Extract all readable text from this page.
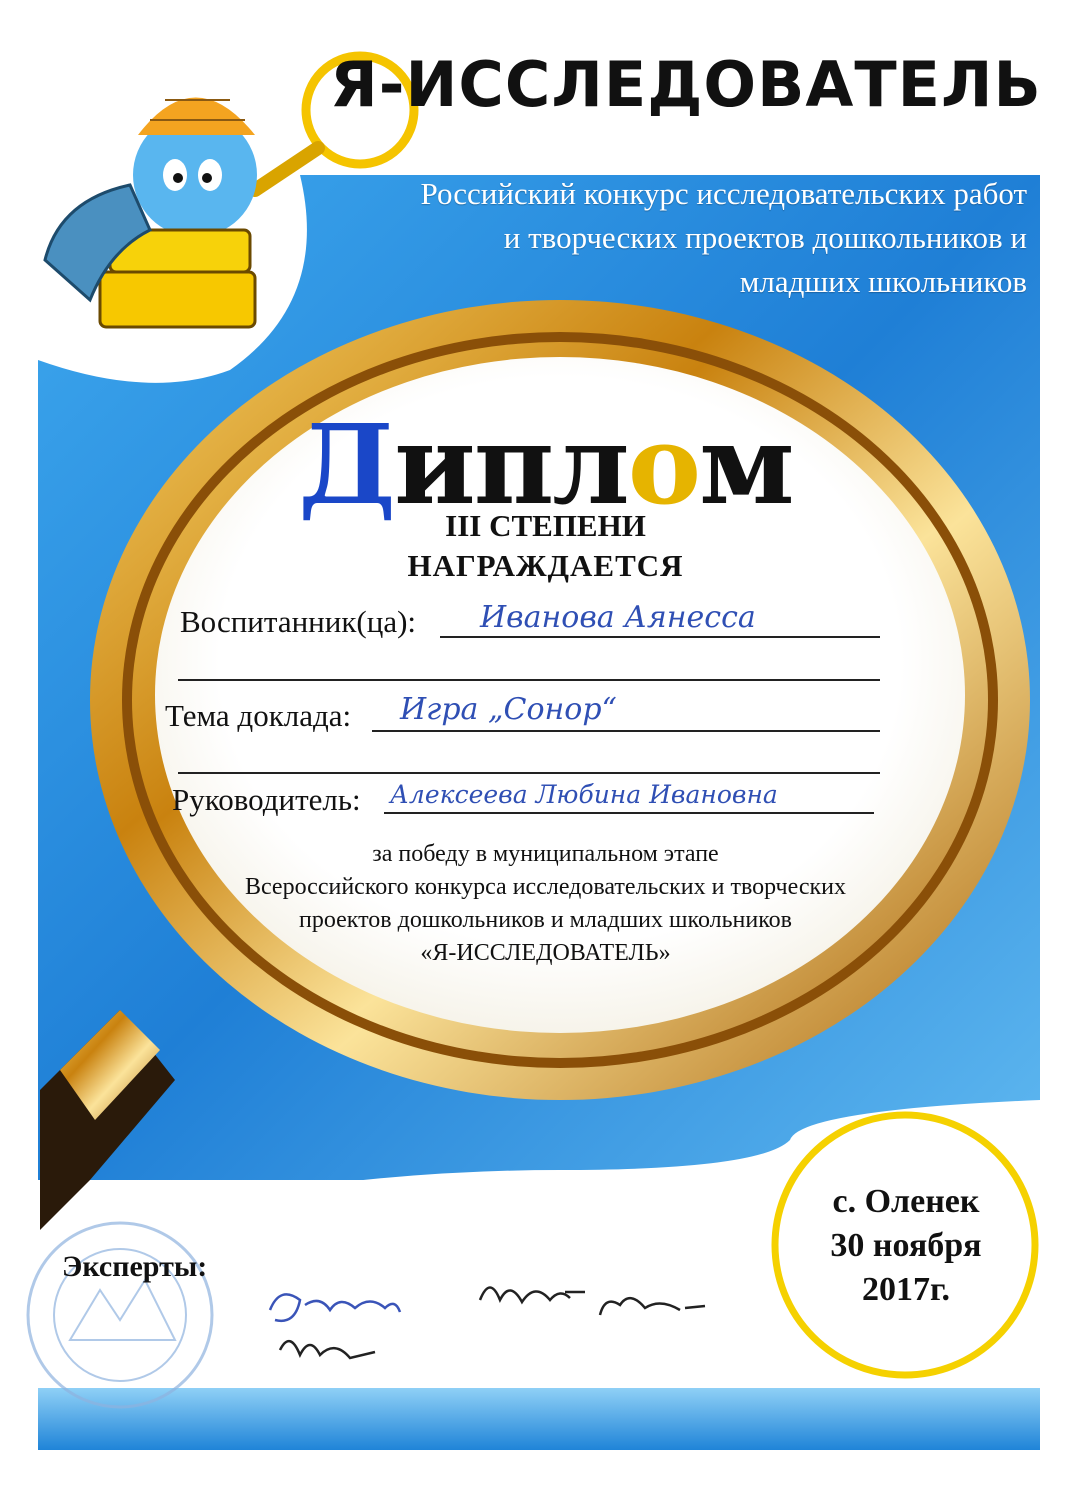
Я-ИССЛЕДОВАТЕЛЬ
Российский конкурс исследовательских работ
и творческих проектов дошкольников и
младших школьников
Диплом
III СТЕПЕНИ
НАГРАЖДАЕТСЯ
Воспитанник(ца): Иванова Аянесса
Тема доклада: Игра „Сонор“
Руководитель: Алексеева Любина Ивановна
за победу в муниципальном этапе
Всероссийского конкурса исследовательских и творческих
проектов дошкольников и младших школьников
«Я-ИССЛЕДОВАТЕЛЬ»
с. Оленек
30 ноября
2017г.
Эксперты:
